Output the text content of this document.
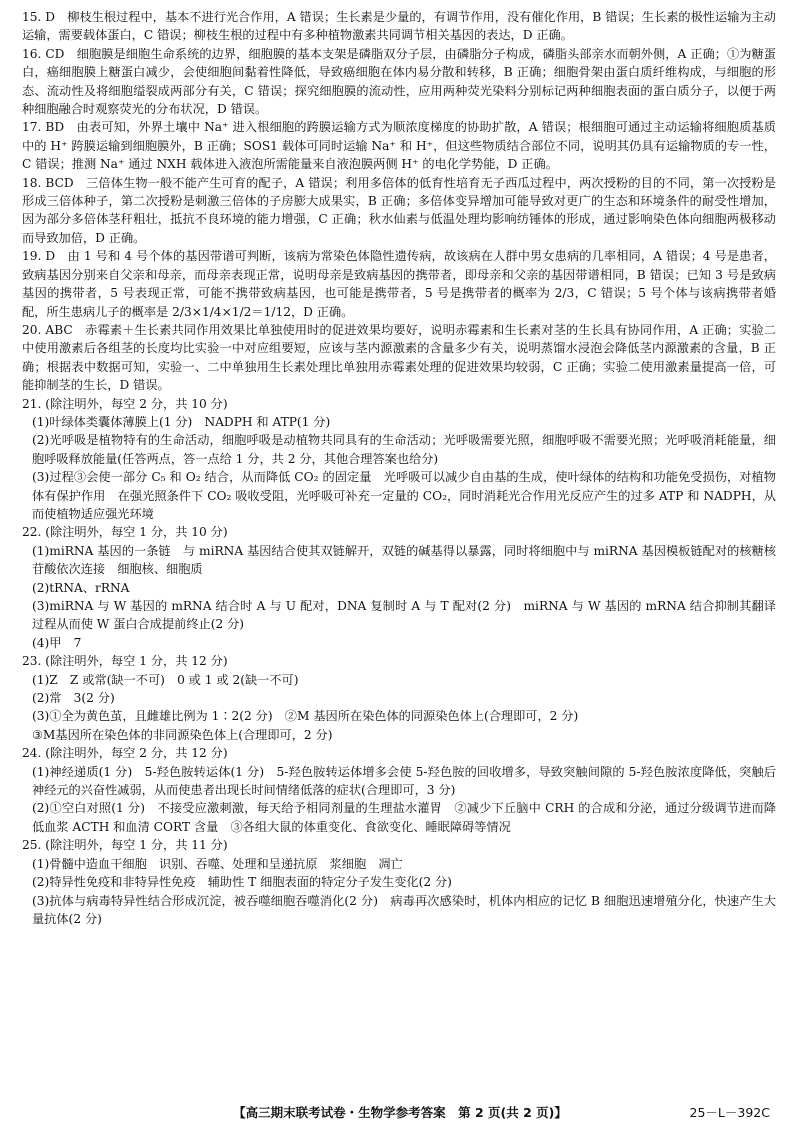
15. D　柳枝生根过程中，基本不进行光合作用，A 错误；生长素是少量的，有调节作用，没有催化作用，B 错误；生长素的极性运输为主动运输，需要载体蛋白，C 错误；柳枝生根的过程中有多种植物激素共同调节相关基因的表达，D 正确。

16. CD　细胞膜是细胞生命系统的边界，细胞膜的基本支架是磷脂双分子层，由磷脂分子构成，磷脂头部亲水而朝外侧，A 正确；①为糖蛋白，癌细胞膜上糖蛋白减少，会使细胞间黏着性降低，导致癌细胞在体内易分散和转移，B 正确；细胞骨架由蛋白质纤维构成，与细胞的形态、流动性及将细胞缢裂成两部分有关，C 错误；探究细胞膜的流动性，应用两种荧光染料分别标记两种细胞表面的蛋白质分子，以便于两种细胞融合时观察荧光的分布状况，D 错误。

17. BD　由表可知，外界土壤中 Na⁺ 进入根细胞的跨膜运输方式为顺浓度梯度的协助扩散，A 错误；根细胞可通过主动运输将细胞质基质中的 H⁺ 跨膜运输到细胞膜外，B 正确；SOS1 载体可同时运输 Na⁺ 和 H⁺，但这些物质结合部位不同，说明其仍具有运输物质的专一性，C 错误；推测 Na⁺ 通过 NXH 载体进入液泡所需能量来自液泡膜两侧 H⁺ 的电化学势能，D 正确。

18. BCD　三倍体生物一般不能产生可育的配子，A 错误；利用多倍体的低育性培育无子西瓜过程中，两次授粉的目的不同，第一次授粉是形成三倍体种子，第二次授粉是刺激三倍体的子房膨大成果实，B 正确；多倍体变异增加可能导致对更广的生态和环境条件的耐受性增加，因为部分多倍体茎秆粗壮，抵抗不良环境的能力增强，C 正确；秋水仙素与低温处理均影响纺锤体的形成，通过影响染色体向细胞两极移动而导致加倍，D 正确。

19. D　由 1 号和 4 号个体的基因带谱可判断，该病为常染色体隐性遗传病，故该病在人群中男女患病的几率相同，A 错误；4 号是患者，致病基因分别来自父亲和母亲，而母亲表现正常，说明母亲是致病基因的携带者，即母亲和父亲的基因带谱相同，B 错误；已知 3 号是致病基因的携带者，5 号表现正常，可能不携带致病基因，也可能是携带者，5 号是携带者的概率为 2/3，C 错误；5 号个体与该病携带者婚配，所生患病儿子的概率是 2/3×1/4×1/2＝1/12，D 正确。

20. ABC　赤霉素＋生长素共同作用效果比单独使用时的促进效果均要好，说明赤霉素和生长素对茎的生长具有协同作用，A 正确；实验二中使用激素后各组茎的长度均比实验一中对应组要短，应该与茎内源激素的含量多少有关，说明蒸馏水浸泡会降低茎内源激素的含量，B 正确；根据表中数据可知，实验一、二中单独用生长素处理比单独用赤霉素处理的促进效果均较弱，C 正确；实验二使用激素量提高一倍，可能抑制茎的生长，D 错误。

21. (除注明外，每空 2 分，共 10 分)

(1)叶绿体类囊体薄膜上(1 分)　NADPH 和 ATP(1 分)

(2)光呼吸是植物特有的生命活动，细胞呼吸是动植物共同具有的生命活动；光呼吸需要光照，细胞呼吸不需要光照；光呼吸消耗能量，细胞呼吸释放能量(任答两点，答一点给 1 分，共 2 分，其他合理答案也给分)

(3)过程③会使一部分 C₅ 和 O₂ 结合，从而降低 CO₂ 的固定量　光呼吸可以减少自由基的生成，使叶绿体的结构和功能免受损伤，对植物体有保护作用　在强光照条件下 CO₂ 吸收受阻，光呼吸可补充一定量的 CO₂，同时消耗光合作用光反应产生的过多 ATP 和 NADPH，从而使植物适应强光环境

22. (除注明外，每空 1 分，共 10 分)

(1)miRNA 基因的一条链　与 miRNA 基因结合使其双链解开，双链的碱基得以暴露，同时将细胞中与 miRNA 基因模板链配对的核糖核苷酸依次连接　细胞核、细胞质

(2)tRNA、rRNA

(3)miRNA 与 W 基因的 mRNA 结合时 A 与 U 配对，DNA 复制时 A 与 T 配对(2 分)　miRNA 与 W 基因的 mRNA 结合抑制其翻译过程从而使 W 蛋白合成提前终止(2 分)

(4)甲　7

23. (除注明外，每空 1 分，共 12 分)

(1)Z　Z 或常(缺一不可)　0 或 1 或 2(缺一不可)

(2)常　3(2 分)

(3)①全为黄色茧，且雌雄比例为 1∶2(2 分)　②M 基因所在染色体的同源染色体上(合理即可，2 分)

③M基因所在染色体的非同源染色体上(合理即可，2 分)

24. (除注明外，每空 2 分，共 12 分)

(1)神经递质(1 分)　5-羟色胺转运体(1 分)　5-羟色胺转运体增多会使 5-羟色胺的回收增多，导致突触间隙的 5-羟色胺浓度降低，突触后神经元的兴奋性减弱，从而使患者出现长时间情绪低落的症状(合理即可，3 分)

(2)①空白对照(1 分)　不接受应激刺激，每天给予相同剂量的生理盐水灌胃　②减少下丘脑中 CRH 的合成和分泌，通过分级调节进而降低血浆 ACTH 和血清 CORT 含量　③各组大鼠的体重变化、食欲变化、睡眠障碍等情况

25. (除注明外，每空 1 分，共 11 分)

(1)骨髓中造血干细胞　识别、吞噬、处理和呈递抗原　浆细胞　凋亡

(2)特异性免疫和非特异性免疫　辅助性 T 细胞表面的特定分子发生变化(2 分)

(3)抗体与病毒特异性结合形成沉淀，被吞噬细胞吞噬消化(2 分)　病毒再次感染时，机体内相应的记忆 B 细胞迅速增殖分化，快速产生大量抗体(2 分)

【高三期末联考试卷・生物学参考答案　第 2 页(共 2 页)】	25－L－392C
